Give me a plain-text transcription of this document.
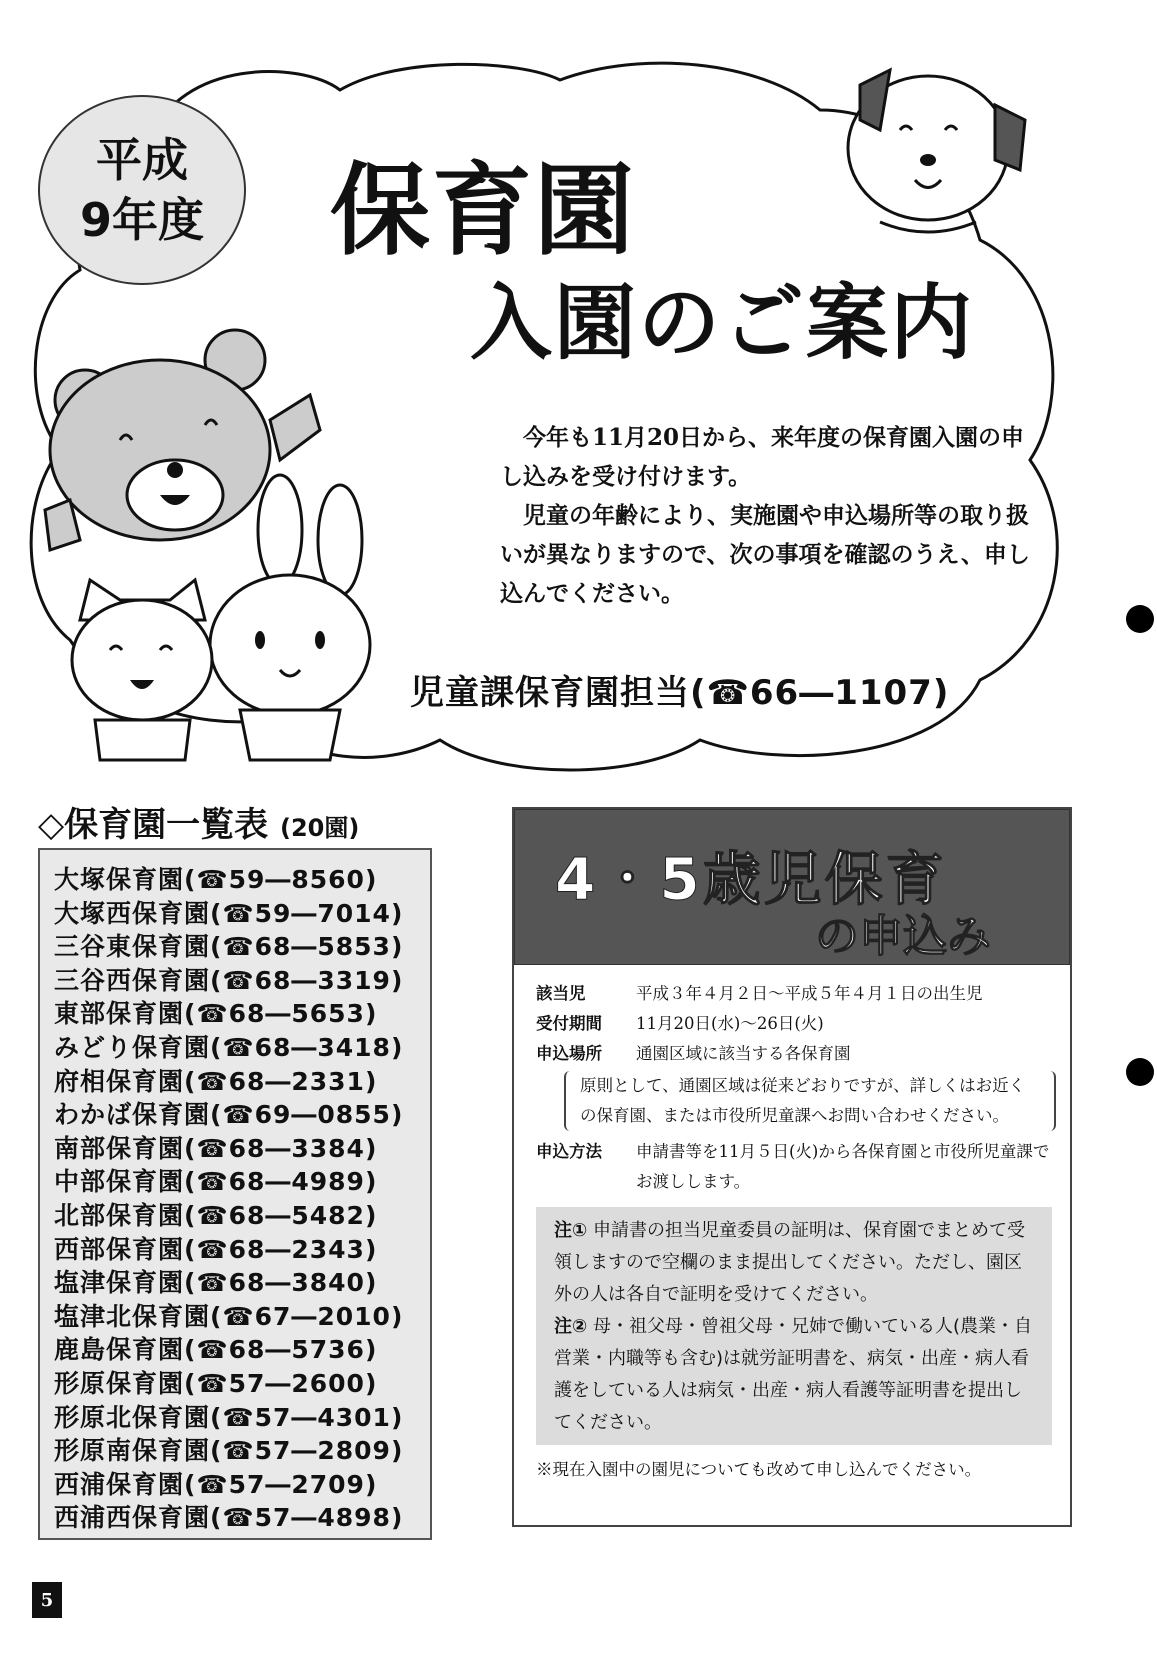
平成
9年度 保育園
入園のご案内

今年も11月20日から、来年度の保育園入園の申し込みを受け付けます。

児童の年齢により、実施園や申込場所等の取り扱いが異なりますので、次の事項を確認のうえ、申し込んでください。

児童課保育園担当(☎66―1107)
◇保育園一覧表 (20園)
大塚保育園(☎59―8560)
大塚西保育園(☎59―7014)
三谷東保育園(☎68―5853)
三谷西保育園(☎68―3319)
東部保育園(☎68―5653)
みどり保育園(☎68―3418)
府相保育園(☎68―2331)
わかば保育園(☎69―0855)
南部保育園(☎68―3384)
中部保育園(☎68―4989)
北部保育園(☎68―5482)
西部保育園(☎68―2343)
塩津保育園(☎68―3840)
塩津北保育園(☎67―2010)
鹿島保育園(☎68―5736)
形原保育園(☎57―2600)
形原北保育園(☎57―4301)
形原南保育園(☎57―2809)
西浦保育園(☎57―2709)
西浦西保育園(☎57―4898)
4・5歳児保育
の申込み
該当児	平成３年４月２日～平成５年４月１日の出生児
受付期間	11月20日(水)～26日(火)
申込場所	通園区域に該当する各保育園
原則として、通園区域は従来どおりですが、詳しくはお近くの保育園、または市役所児童課へお問い合わせください。
申込方法	申請書等を11月５日(火)から各保育園と市役所児童課でお渡しします。
注① 申請書の担当児童委員の証明は、保育園でまとめて受領しますので空欄のまま提出してください。ただし、園区外の人は各自で証明を受けてください。
注② 母・祖父母・曾祖父母・兄姉で働いている人(農業・自営業・内職等も含む)は就労証明書を、病気・出産・病人看護をしている人は病気・出産・病人看護等証明書を提出してください。
※現在入園中の園児についても改めて申し込んでください。
5
